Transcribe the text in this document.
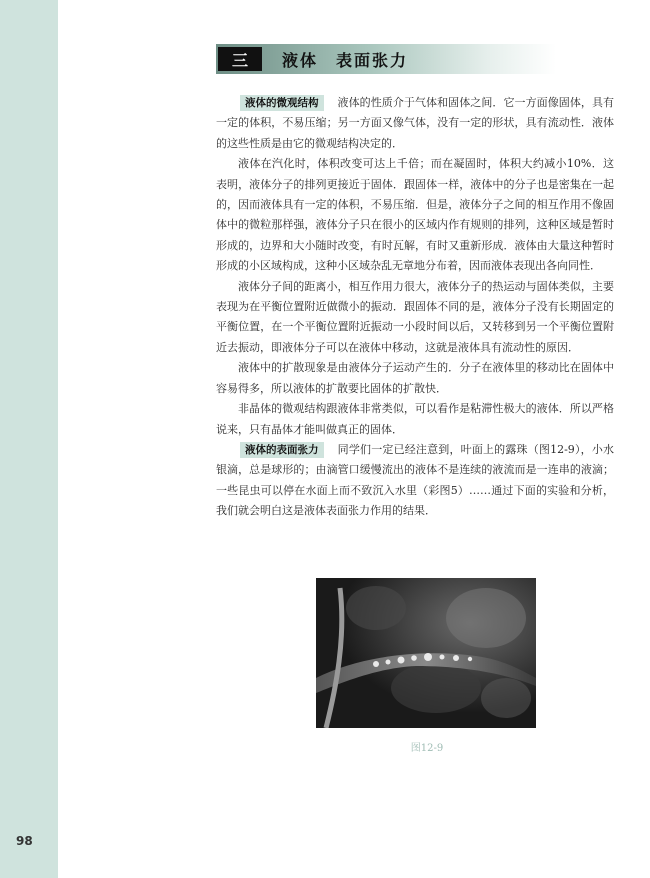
98
三	液体　表面张力

液体的微观结构 液体的性质介于气体和固体之间．它一方面像固体，具有一定的体积，不易压缩；另一方面又像气体，没有一定的形状，具有流动性．液体的这些性质是由它的微观结构决定的．

液体在汽化时，体积改变可达上千倍；而在凝固时，体积大约减小10%．这表明，液体分子的排列更接近于固体．跟固体一样，液体中的分子也是密集在一起的，因而液体具有一定的体积，不易压缩．但是，液体分子之间的相互作用不像固体中的微粒那样强，液体分子只在很小的区域内作有规则的排列，这种区域是暂时形成的，边界和大小随时改变，有时瓦解，有时又重新形成．液体由大量这种暂时形成的小区域构成，这种小区域杂乱无章地分布着，因而液体表现出各向同性．

液体分子间的距离小，相互作用力很大，液体分子的热运动与固体类似，主要表现为在平衡位置附近做微小的振动．跟固体不同的是，液体分子没有长期固定的平衡位置，在一个平衡位置附近振动一小段时间以后，又转移到另一个平衡位置附近去振动，即液体分子可以在液体中移动，这就是液体具有流动性的原因．

液体中的扩散现象是由液体分子运动产生的．分子在液体里的移动比在固体中容易得多，所以液体的扩散要比固体的扩散快．

非晶体的微观结构跟液体非常类似，可以看作是粘滞性极大的液体．所以严格说来，只有晶体才能叫做真正的固体．

液体的表面张力 同学们一定已经注意到，叶面上的露珠（图12-9），小水银滴，总是球形的；由滴管口缓慢流出的液体不是连续的液流而是一连串的液滴；一些昆虫可以停在水面上而不致沉入水里（彩图5）……通过下面的实验和分析，我们就会明白这是液体表面张力作用的结果．

图12-9
